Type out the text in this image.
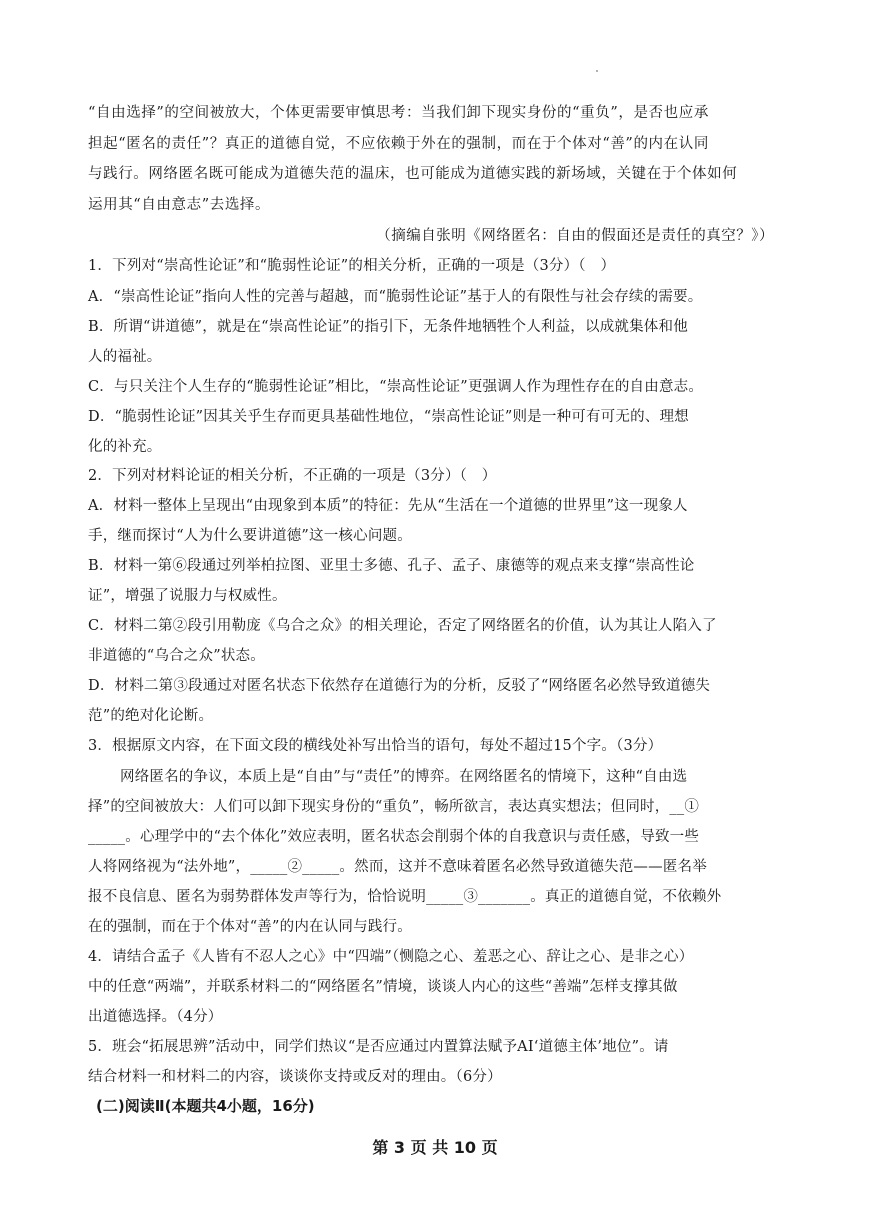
“自由选择”的空间被放大，个体更需要审慎思考：当我们卸下现实身份的“重负”，是否也应承
担起“匿名的责任”？真正的道德自觉，不应依赖于外在的强制，而在于个体对“善”的内在认同
与践行。网络匿名既可能成为道德失范的温床，也可能成为道德实践的新场域，关键在于个体如何
运用其“自由意志”去选择。
（摘编自张明《网络匿名：自由的假面还是责任的真空？》）
1．下列对“崇高性论证”和“脆弱性论证”的相关分析，正确的一项是（3分）（　）
A．“崇高性论证”指向人性的完善与超越，而“脆弱性论证”基于人的有限性与社会存续的需要。
B．所谓“讲道德”，就是在“崇高性论证”的指引下，无条件地牺牲个人利益，以成就集体和他
人的福祉。
C．与只关注个人生存的“脆弱性论证”相比，“崇高性论证”更强调人作为理性存在的自由意志。
D．“脆弱性论证”因其关乎生存而更具基础性地位，“崇高性论证”则是一种可有可无的、理想
化的补充。
2．下列对材料论证的相关分析，不正确的一项是（3分）（　）
A．材料一整体上呈现出“由现象到本质”的特征：先从“生活在一个道德的世界里”这一现象人
手，继而探讨“人为什么要讲道德”这一核心问题。
B．材料一第⑥段通过列举柏拉图、亚里士多德、孔子、孟子、康德等的观点来支撑“崇高性论
证”，增强了说服力与权威性。
C．材料二第②段引用勒庞《乌合之众》的相关理论，否定了网络匿名的价值，认为其让人陷入了
非道德的“乌合之众”状态。
D．材料二第③段通过对匿名状态下依然存在道德行为的分析，反驳了“网络匿名必然导致道德失
范”的绝对化论断。
3．根据原文内容，在下面文段的横线处补写出恰当的语句，每处不超过15个字。（3分）
网络匿名的争议，本质上是“自由”与“责任”的博弈。在网络匿名的情境下，这种“自由选
择”的空间被放大：人们可以卸下现实身份的“重负”，畅所欲言，表达真实想法；但同时，__①
_____。心理学中的“去个体化”效应表明，匿名状态会削弱个体的自我意识与责任感，导致一些
人将网络视为“法外地”，_____②_____。然而，这并不意味着匿名必然导致道德失范——匿名举
报不良信息、匿名为弱势群体发声等行为，恰恰说明_____③_______。真正的道德自觉，不依赖外
在的强制，而在于个体对“善”的内在认同与践行。
4．请结合孟子《人皆有不忍人之心》中“四端”（恻隐之心、羞恶之心、辞让之心、是非之心）
中的任意“两端”，并联系材料二的“网络匿名”情境，谈谈人内心的这些“善端”怎样支撑其做
出道德选择。（4分）
5．班会“拓展思辨”活动中，同学们热议“是否应通过内置算法赋予AI‘道德主体’地位”。请
结合材料一和材料二的内容，谈谈你支持或反对的理由。（6分）
(二)阅读Ⅱ(本题共4小题，16分)
第 3 页 共 10 页
